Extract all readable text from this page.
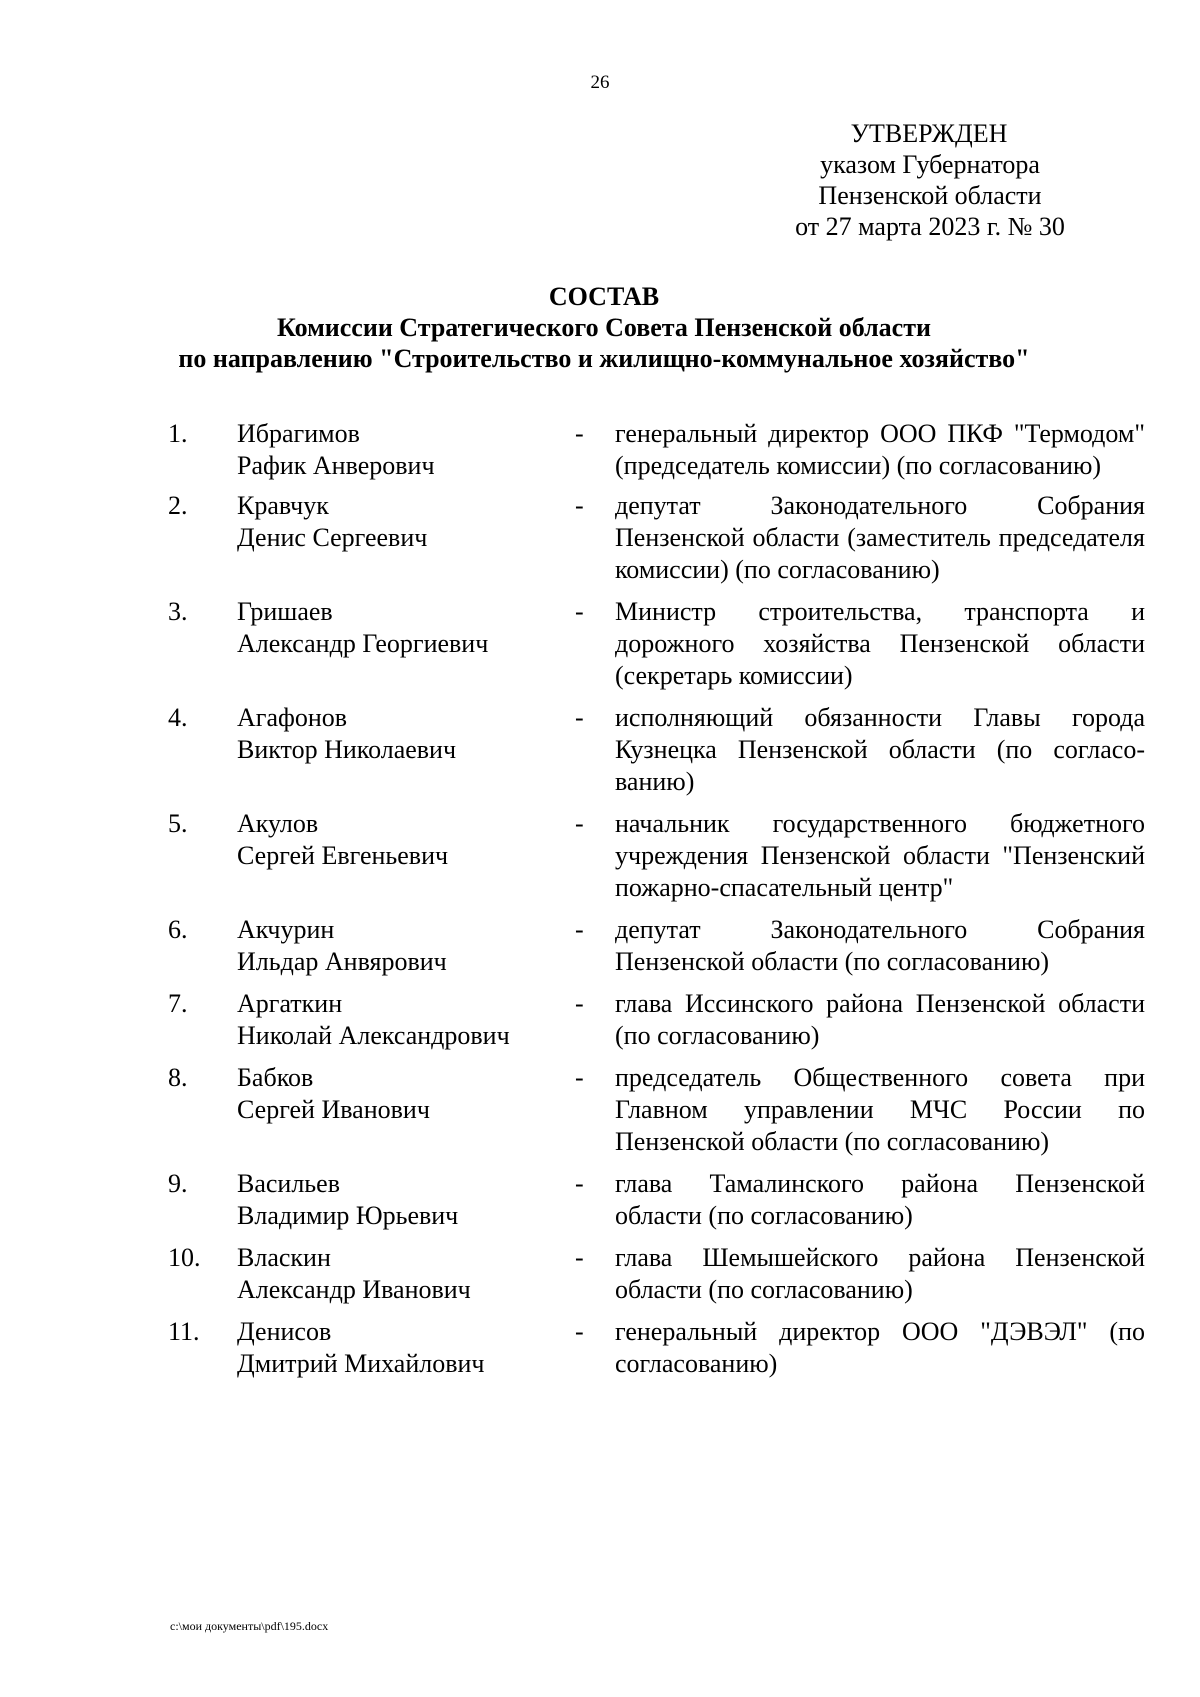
26
УТВЕРЖДЕН
указом Губернатора
Пензенской области
от 27 марта 2023 г. № 30
СОСТАВ
Комиссии Стратегического Совета Пензенской области
по направлению "Строительство и жилищно-коммунальное хозяйство"
1.	Ибрагимов
Рафик Анверович
- генеральный директор ООО ПКФ "Термодом" (председатель комиссии) (по согласованию)
2.	Кравчук
Денис Сергеевич
- депутат Законодательного Собрания Пензенской области (заместитель председателя комиссии) (по согласованию)
3.	Гришаев
Александр Георгиевич
- Министр строительства, транспорта и дорожного хозяйства Пензенской области (секретарь комиссии)
4.	Агафонов
Виктор Николаевич
- исполняющий обязанности Главы города Кузнецка Пензенской области (по согласованию)
5.	Акулов
Сергей Евгеньевич
- начальник государственного бюджетного учреждения Пензенской области "Пензенский пожарно-спасательный центр"
6.	Акчурин
Ильдар Анвярович
- депутат Законодательного Собрания Пензенской области (по согласованию)
7.	Аргаткин
Николай Александрович
- глава Иссинского района Пензенской области (по согласованию)
8.	Бабков
Сергей Иванович
- председатель Общественного совета при Главном управлении МЧС России по Пензенской области (по согласованию)
9.	Васильев
Владимир Юрьевич
- глава Тамалинского района Пензенской области (по согласованию)
10.	Власкин
Александр Иванович
- глава Шемышейского района Пензенской области (по согласованию)
11.	Денисов
Дмитрий Михайлович
- генеральный директор ООО "ДЭВЭЛ" (по согласованию)
c:\мои документы\pdf\195.docx
